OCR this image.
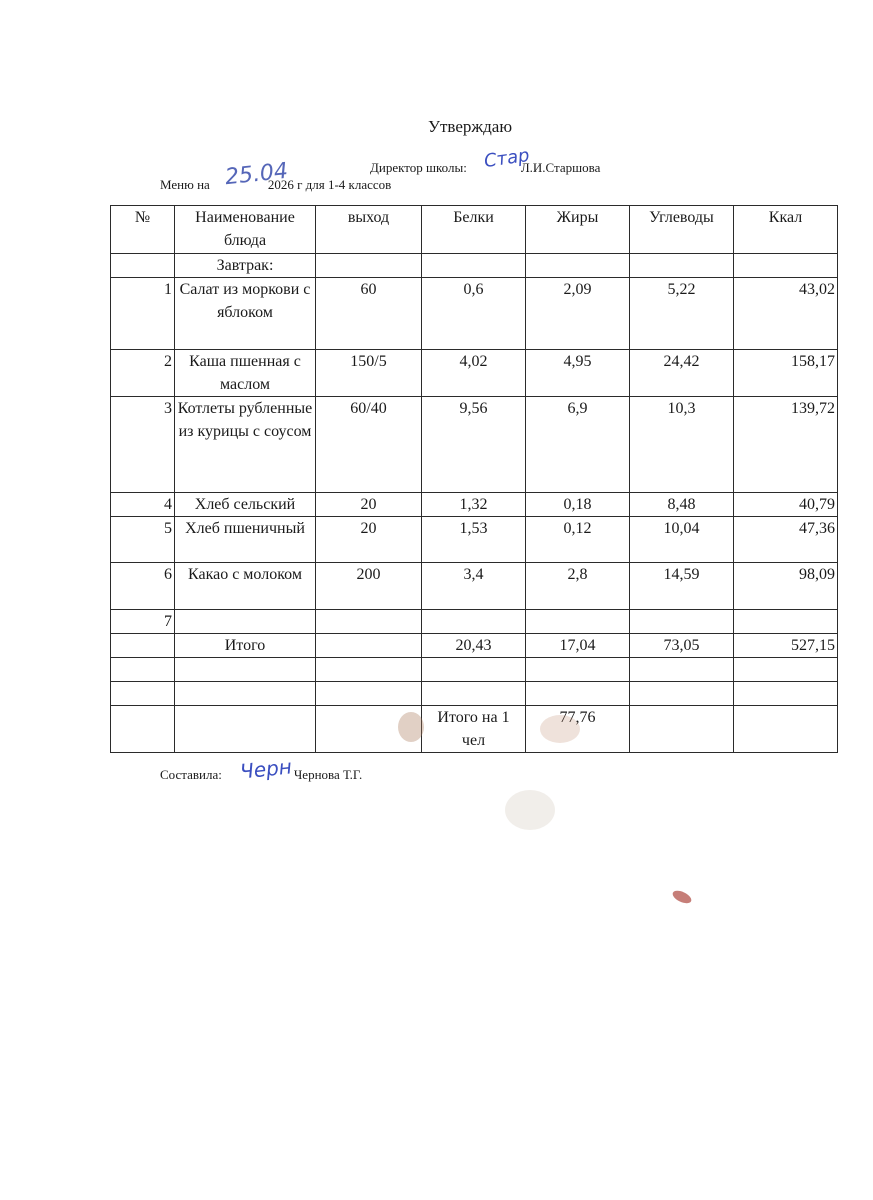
Утверждаю
Директор школы:	Л.И.Старшова
Стар
Меню на	2026 г для 1-4 классов
25.04
№	Наименование блюда	выход	Белки	Жиры	Углеводы	Ккал
	Завтрак:					
1	Салат из моркови с яблоком	60	0,6	2,09	5,22	43,02
2	Каша пшенная с маслом	150/5	4,02	4,95	24,42	158,17
3	Котлеты рубленные из курицы с соусом	60/40	9,56	6,9	10,3	139,72
4	Хлеб сельский	20	1,32	0,18	8,48	40,79
5	Хлеб пшеничный	20	1,53	0,12	10,04	47,36
6	Какао с молоком	200	3,4	2,8	14,59	98,09
7						
	Итого		20,43	17,04	73,05	527,15

			Итого на 1 чел	77,76		
Составила:	Чернова Т.Г.
Черн
